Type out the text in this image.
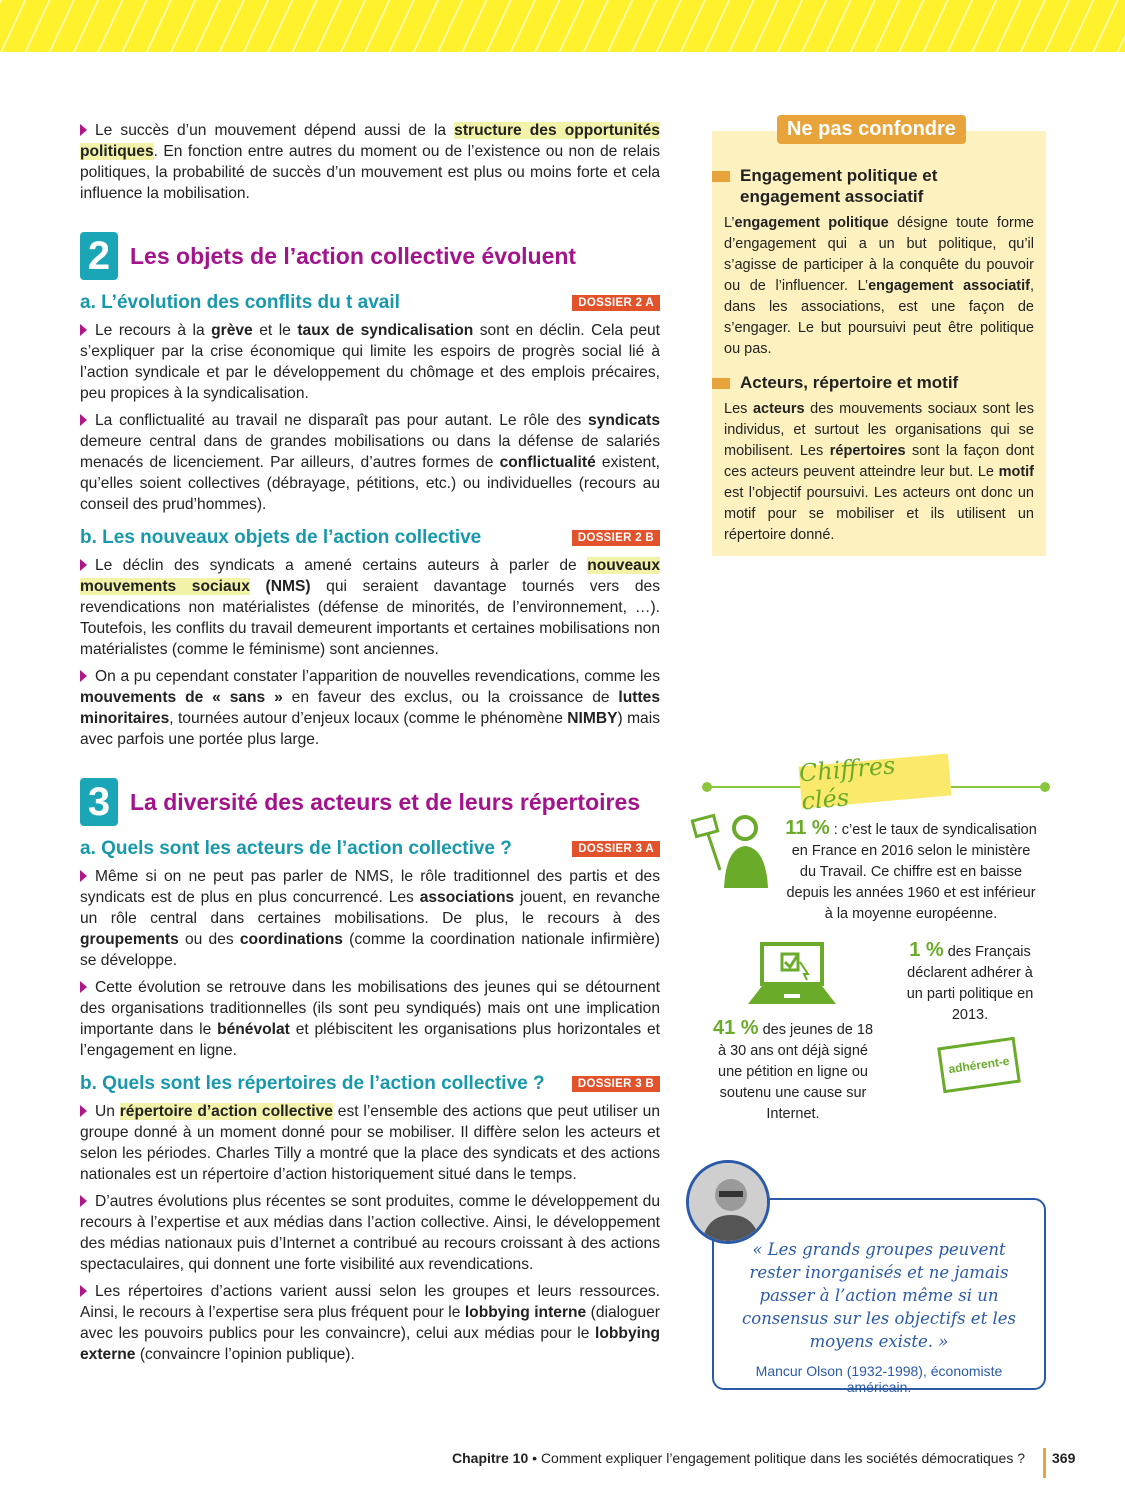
Le succès d’un mouvement dépend aussi de la structure des opportunités politiques. En fonction entre autres du moment ou de l’existence ou non de relais politiques, la probabilité de succès d’un mouvement est plus ou moins forte et cela influence la mobilisation.

2 Les objets de l’action collective évoluent
a. L’évolution des conflits du t avail	DOSSIER 2 A

Le recours à la grève et le taux de syndicalisation sont en déclin. Cela peut s’expliquer par la crise économique qui limite les espoirs de progrès social lié à l’action syndicale et par le développement du chômage et des emplois précaires, peu propices à la syndicalisation.

La conflictualité au travail ne disparaît pas pour autant. Le rôle des syndicats demeure central dans de grandes mobilisations ou dans la défense de salariés menacés de licenciement. Par ailleurs, d’autres formes de conflictualité existent, qu’elles soient collectives (débrayage, pétitions, etc.) ou individuelles (recours au conseil des prud’hommes).

b. Les nouveaux objets de l’action collective	DOSSIER 2 B

Le déclin des syndicats a amené certains auteurs à parler de nouveaux mouvements sociaux (NMS) qui seraient davantage tournés vers des revendications non matérialistes (défense de minorités, de l’environnement, …). Toutefois, les conflits du travail demeurent importants et certaines mobilisations non matérialistes (comme le féminisme) sont anciennes.

On a pu cependant constater l’apparition de nouvelles revendications, comme les mouvements de « sans » en faveur des exclus, ou la croissance de luttes minoritaires, tournées autour d’enjeux locaux (comme le phénomène NIMBY) mais avec parfois une portée plus large.

3 La diversité des acteurs et de leurs répertoires
a. Quels sont les acteurs de l’action collective ?	DOSSIER 3 A

Même si on ne peut pas parler de NMS, le rôle traditionnel des partis et des syndicats est de plus en plus concurrencé. Les associations jouent, en revanche un rôle central dans certaines mobilisations. De plus, le recours à des groupements ou des coordinations (comme la coordination nationale infirmière) se développe.

Cette évolution se retrouve dans les mobilisations des jeunes qui se détournent des organisations traditionnelles (ils sont peu syndiqués) mais ont une implication importante dans le bénévolat et plébiscitent les organisations plus horizontales et l’engagement en ligne.

b. Quels sont les répertoires de l’action collective ?	DOSSIER 3 B

Un répertoire d’action collective est l’ensemble des actions que peut utiliser un groupe donné à un moment donné pour se mobiliser. Il diffère selon les acteurs et selon les périodes. Charles Tilly a montré que la place des syndicats et des actions nationales est un répertoire d’action historiquement situé dans le temps.

D’autres évolutions plus récentes se sont produites, comme le développement du recours à l’expertise et aux médias dans l’action collective. Ainsi, le développement des médias nationaux puis d’Internet a contribué au recours croissant à des actions spectaculaires, qui donnent une forte visibilité aux revendications.

Les répertoires d’actions varient aussi selon les groupes et leurs ressources. Ainsi, le recours à l’expertise sera plus fréquent pour le lobbying interne (dialoguer avec les pouvoirs publics pour les convaincre), celui aux médias pour le lobbying externe (convaincre l’opinion publique).

Ne pas confondre
Engagement politique et engagement associatif

L’engagement politique désigne toute forme d’engagement qui a un but politique, qu’il s’agisse de participer à la conquête du pouvoir ou de l’influencer. L’engagement associatif, dans les associations, est une façon de s’engager. Le but poursuivi peut être politique ou pas.

Acteurs, répertoire et motif

Les acteurs des mouvements sociaux sont les individus, et surtout les organisations qui se mobilisent. Les répertoires sont la façon dont ces acteurs peuvent atteindre leur but. Le motif est l’objectif poursuivi. Les acteurs ont donc un motif pour se mobiliser et ils utilisent un répertoire donné.

Chiffres clés
11 % : c’est le taux de syndicalisation en France en 2016 selon le ministère du Travail. Ce chiffre est en baisse depuis les années 1960 et est inférieur à la moyenne européenne.
41 % des jeunes de 18 à 30 ans ont déjà signé une pétition en ligne ou soutenu une cause sur Internet.
1 % des Français déclarent adhérer à un parti politique en 2013.
adhérent-e
« Les grands groupes peuvent rester inorganisés et ne jamais passer à l’action même si un consensus sur les objectifs et les moyens existe. »
Mancur Olson (1932-1998), économiste américain.
Chapitre 10 • Comment expliquer l’engagement politique dans les sociétés démocratiques ? 369
